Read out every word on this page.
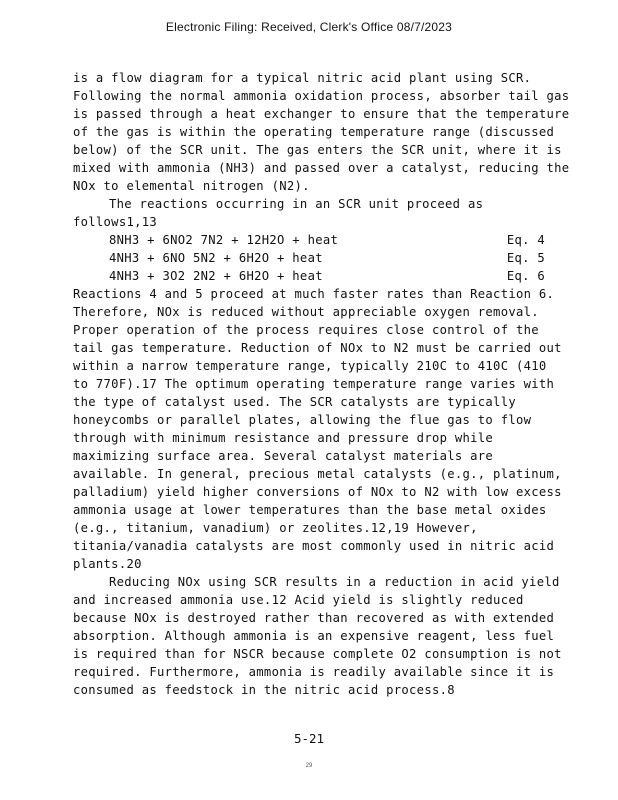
Electronic Filing: Received, Clerk's Office 08/7/2023
is a flow diagram for a typical nitric acid plant using SCR.
Following the normal ammonia oxidation process, absorber tail gas
is passed through a heat exchanger to ensure that the temperature
of the gas is within the operating temperature range (discussed
below) of the SCR unit. The gas enters the SCR unit, where it is
mixed with ammonia (NH3) and passed over a catalyst, reducing the
NOx to elemental nitrogen (N2).
The reactions occurring in an SCR unit proceed as
follows1,13
8NH3 + 6NO2 7N2 + 12H2O + heat	Eq. 4
4NH3 + 6NO 5N2 + 6H2O + heat	Eq. 5
4NH3 + 3O2 2N2 + 6H2O + heat	Eq. 6
Reactions 4 and 5 proceed at much faster rates than Reaction 6.
Therefore, NOx is reduced without appreciable oxygen removal.
Proper operation of the process requires close control of the
tail gas temperature. Reduction of NOx to N2 must be carried out
within a narrow temperature range, typically 210C to 410C (410
to 770F).17 The optimum operating temperature range varies with
the type of catalyst used. The SCR catalysts are typically
honeycombs or parallel plates, allowing the flue gas to flow
through with minimum resistance and pressure drop while
maximizing surface area. Several catalyst materials are
available. In general, precious metal catalysts (e.g., platinum,
palladium) yield higher conversions of NOx to N2 with low excess
ammonia usage at lower temperatures than the base metal oxides
(e.g., titanium, vanadium) or zeolites.12,19 However,
titania/vanadia catalysts are most commonly used in nitric acid
plants.20
Reducing NOx using SCR results in a reduction in acid yield
and increased ammonia use.12 Acid yield is slightly reduced
because NOx is destroyed rather than recovered as with extended
absorption. Although ammonia is an expensive reagent, less fuel
is required than for NSCR because complete O2 consumption is not
required. Furthermore, ammonia is readily available since it is
consumed as feedstock in the nitric acid process.8
5-21
29
